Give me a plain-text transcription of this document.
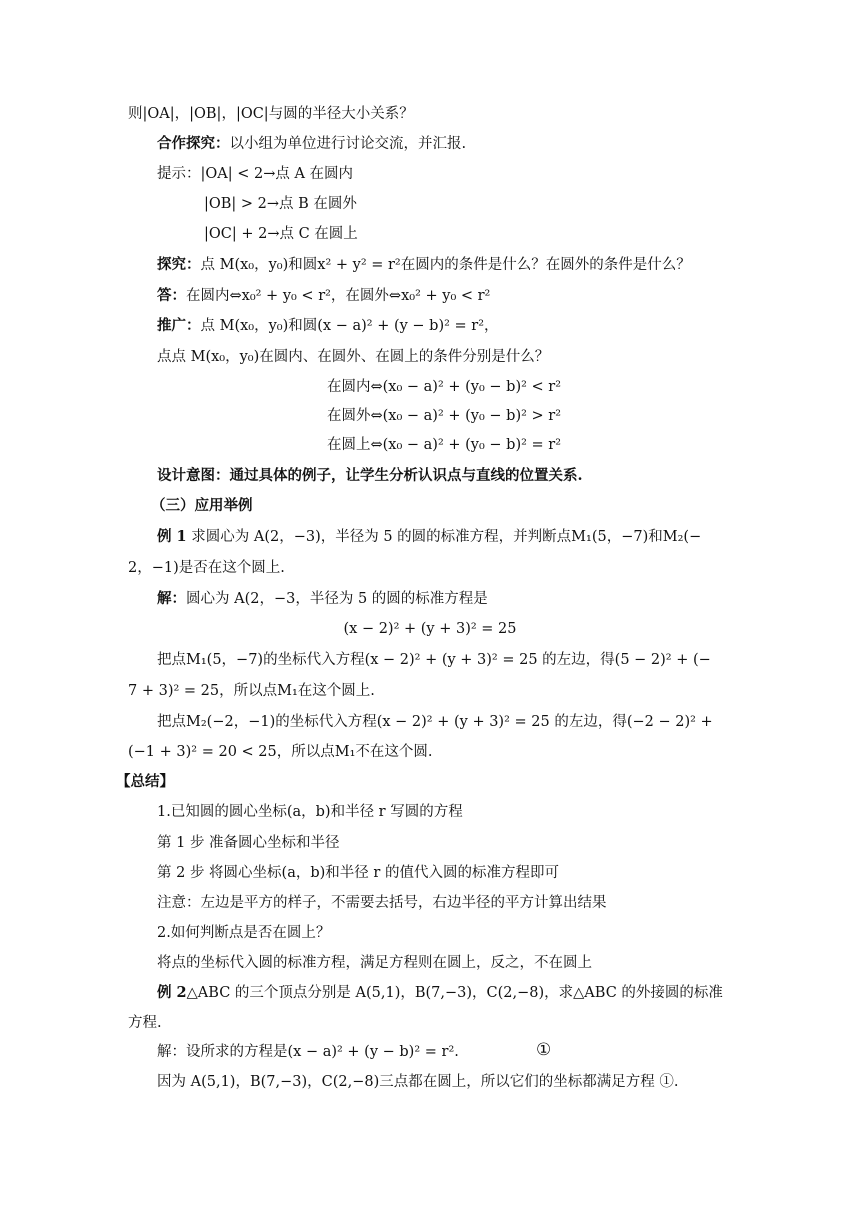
则|OA|，|OB|，|OC|与圆的半径大小关系？
合作探究：以小组为单位进行讨论交流，并汇报.
提示：|OA| < 2→点 A 在圆内
|OB| > 2→点 B 在圆外
|OC| + 2→点 C 在圆上
探究：点 M(x₀，y₀)和圆x² + y² = r²在圆内的条件是什么？在圆外的条件是什么？
答：在圆内⇔x₀² + y₀ < r²，在圆外⇔x₀² + y₀ < r²
推广：点 M(x₀，y₀)和圆(x − a)² + (y − b)² = r²，
点点 M(x₀，y₀)在圆内、在圆外、在圆上的条件分别是什么？
在圆内⇔(x₀ − a)² + (y₀ − b)² < r²
在圆外⇔(x₀ − a)² + (y₀ − b)² > r²
在圆上⇔(x₀ − a)² + (y₀ − b)² = r²
设计意图：通过具体的例子，让学生分析认识点与直线的位置关系.
（三）应用举例
例 1 求圆心为 A(2，−3)，半径为 5 的圆的标准方程，并判断点M₁(5，−7)和M₂(−
2，−1)是否在这个圆上.
解：圆心为 A(2，−3，半径为 5 的圆的标准方程是
(x − 2)² + (y + 3)² = 25
把点M₁(5，−7)的坐标代入方程(x − 2)² + (y + 3)² = 25 的左边，得(5 − 2)² + (−
7 + 3)² = 25，所以点M₁在这个圆上.
把点M₂(−2，−1)的坐标代入方程(x − 2)² + (y + 3)² = 25 的左边，得(−2 − 2)² +
(−1 + 3)² = 20 < 25，所以点M₁不在这个圆.
【总结】
1.已知圆的圆心坐标(a，b)和半径 r 写圆的方程
第 1 步 准备圆心坐标和半径
第 2 步 将圆心坐标(a，b)和半径 r 的值代入圆的标准方程即可
注意：左边是平方的样子，不需要去括号，右边半径的平方计算出结果
2.如何判断点是否在圆上？
将点的坐标代入圆的标准方程，满足方程则在圆上，反之，不在圆上
例 2△ABC 的三个顶点分别是 A(5,1)，B(7,−3)，C(2,−8)，求△ABC 的外接圆的标准
方程.
解：设所求的方程是(x − a)² + (y − b)² = r².	①
因为 A(5,1)，B(7,−3)，C(2,−8)三点都在圆上，所以它们的坐标都满足方程 ①.
